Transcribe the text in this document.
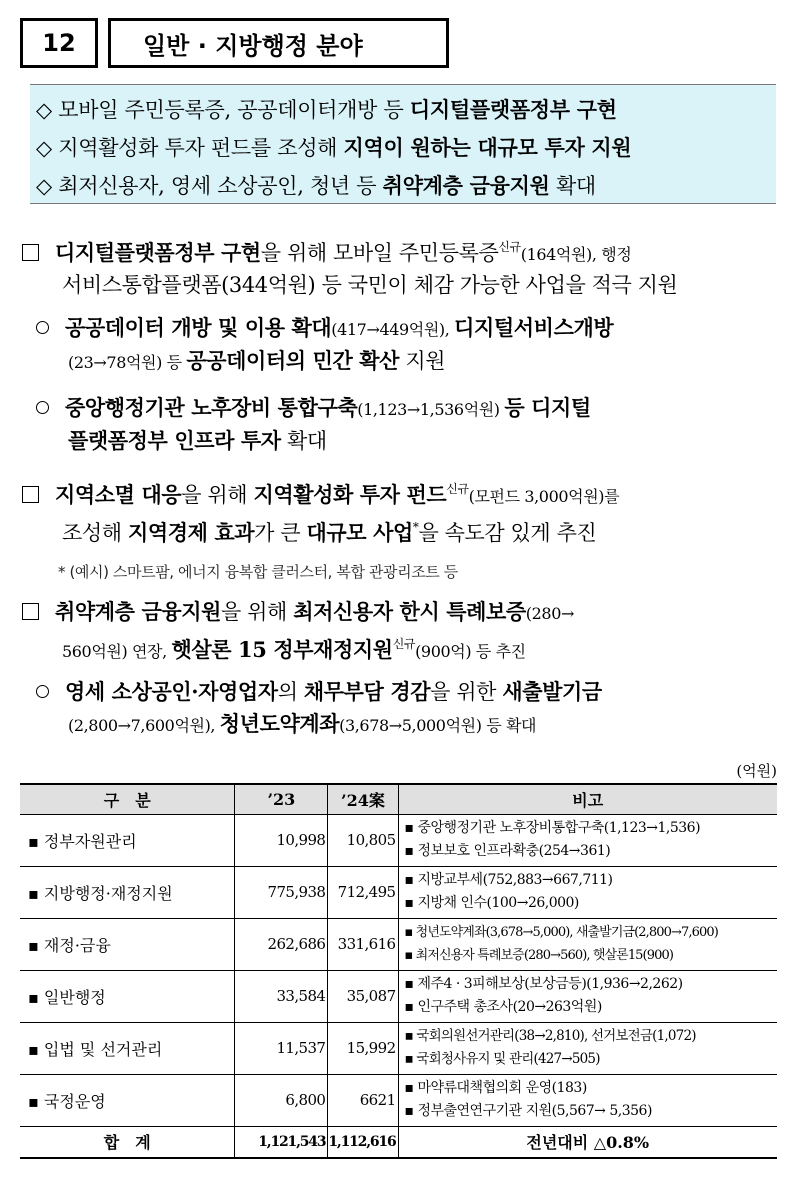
12	일반 · 지방행정 분야
◇ 모바일 주민등록증, 공공데이터개방 등 디지털플랫폼정부 구현
◇ 지역활성화 투자 펀드를 조성해 지역이 원하는 대규모 투자 지원
◇ 최저신용자, 영세 소상공인, 청년 등 취약계층 금융지원 확대
디지털플랫폼정부 구현을 위해 모바일 주민등록증$^{신규}$(164억원), 행정
서비스통합플랫폼(344억원) 등 국민이 체감 가능한 사업을 적극 지원
공공데이터 개방 및 이용 확대(417→449억원), 디지털서비스개방
(23→78억원) 등 공공데이터의 민간 확산 지원
중앙행정기관 노후장비 통합구축(1,123→1,536억원) 등 디지털
플랫폼정부 인프라 투자 확대
지역소멸 대응을 위해 지역활성화 투자 펀드$^{신규}$(모펀드 3,000억원)를
조성해 지역경제 효과가 큰 대규모 사업*을 속도감 있게 추진
* (예시) 스마트팜, 에너지 융복합 클러스터, 복합 관광리조트 등
취약계층 금융지원을 위해 최저신용자 한시 특례보증(280→
560억원) 연장, 햇살론 15 정부재정지원$^{신규}$(900억) 등 추진
영세 소상공인·자영업자의 채무부담 경감을 위한 새출발기금
(2,800→7,600억원), 청년도약계좌(3,678→5,000억원) 등 확대
(억원)
구　분	’23	’24案	비고
▪ 정부자원관리	10,998	10,805	▪ 중앙행정기관 노후장비통합구축(1,123→1,536)
▪ 정보보호 인프라확충(254→361)

▪ 지방행정·재정지원	775,938	712,495	▪ 지방교부세(752,883→667,711)
▪ 지방채 인수(100→26,000)

▪ 재정·금융	262,686	331,616	▪ 청년도약계좌(3,678→5,000), 새출발기금(2,800→7,600)
▪ 최저신용자 특례보증(280→560), 햇살론15(900)

▪ 일반행정	33,584	35,087	▪ 제주4 · 3피해보상(보상금등)(1,936→2,262)
▪ 인구주택 총조사(20→263억원)

▪ 입법 및 선거관리	11,537	15,992	▪ 국회의원선거관리(38→2,810), 선거보전금(1,072)
▪ 국회청사유지 및 관리(427→505)

▪ 국정운영	6,800	6621	▪ 마약류대책협의회 운영(183)
▪ 정부출연연구기관 지원(5,567→ 5,356)

합　계	1,121,543	1,112,616	전년대비 △0.8%
